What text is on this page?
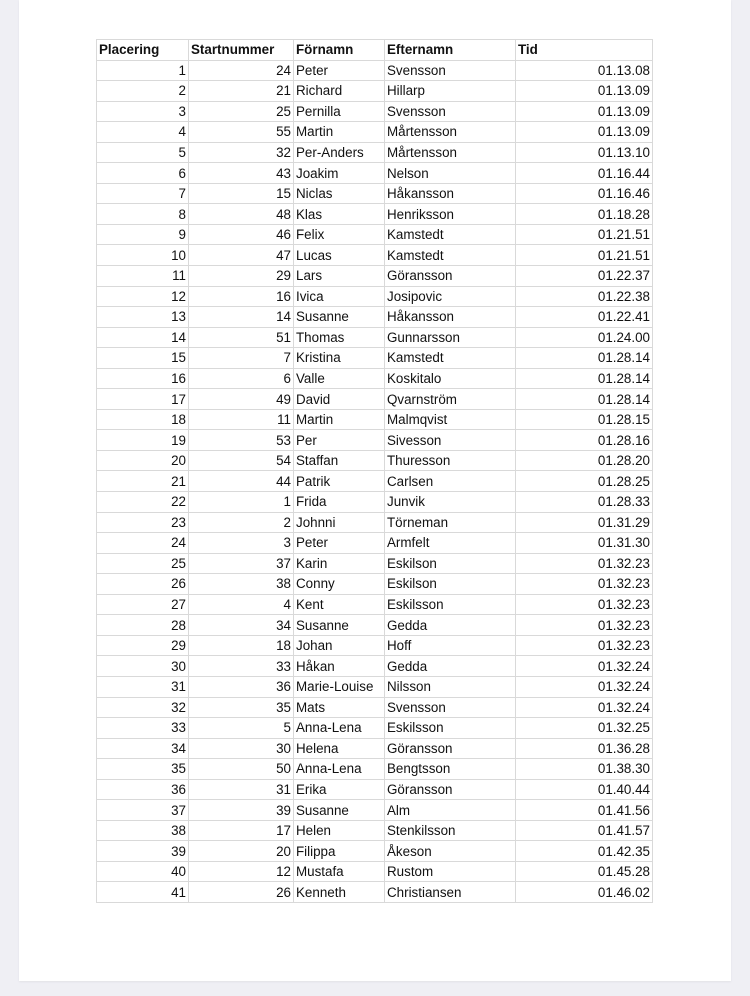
Placering	Startnummer	Förnamn	Efternamn	Tid
1	24	Peter	Svensson	01.13.08
2	21	Richard	Hillarp	01.13.09
3	25	Pernilla	Svensson	01.13.09
4	55	Martin	Mårtensson	01.13.09
5	32	Per-Anders	Mårtensson	01.13.10
6	43	Joakim	Nelson	01.16.44
7	15	Niclas	Håkansson	01.16.46
8	48	Klas	Henriksson	01.18.28
9	46	Felix	Kamstedt	01.21.51
10	47	Lucas	Kamstedt	01.21.51
11	29	Lars	Göransson	01.22.37
12	16	Ivica	Josipovic	01.22.38
13	14	Susanne	Håkansson	01.22.41
14	51	Thomas	Gunnarsson	01.24.00
15	7	Kristina	Kamstedt	01.28.14
16	6	Valle	Koskitalo	01.28.14
17	49	David	Qvarnström	01.28.14
18	11	Martin	Malmqvist	01.28.15
19	53	Per	Sivesson	01.28.16
20	54	Staffan	Thuresson	01.28.20
21	44	Patrik	Carlsen	01.28.25
22	1	Frida	Junvik	01.28.33
23	2	Johnni	Törneman	01.31.29
24	3	Peter	Armfelt	01.31.30
25	37	Karin	Eskilson	01.32.23
26	38	Conny	Eskilson	01.32.23
27	4	Kent	Eskilsson	01.32.23
28	34	Susanne	Gedda	01.32.23
29	18	Johan	Hoff	01.32.23
30	33	Håkan	Gedda	01.32.24
31	36	Marie-Louise	Nilsson	01.32.24
32	35	Mats	Svensson	01.32.24
33	5	Anna-Lena	Eskilsson	01.32.25
34	30	Helena	Göransson	01.36.28
35	50	Anna-Lena	Bengtsson	01.38.30
36	31	Erika	Göransson	01.40.44
37	39	Susanne	Alm	01.41.56
38	17	Helen	Stenkilsson	01.41.57
39	20	Filippa	Åkeson	01.42.35
40	12	Mustafa	Rustom	01.45.28
41	26	Kenneth	Christiansen	01.46.02
